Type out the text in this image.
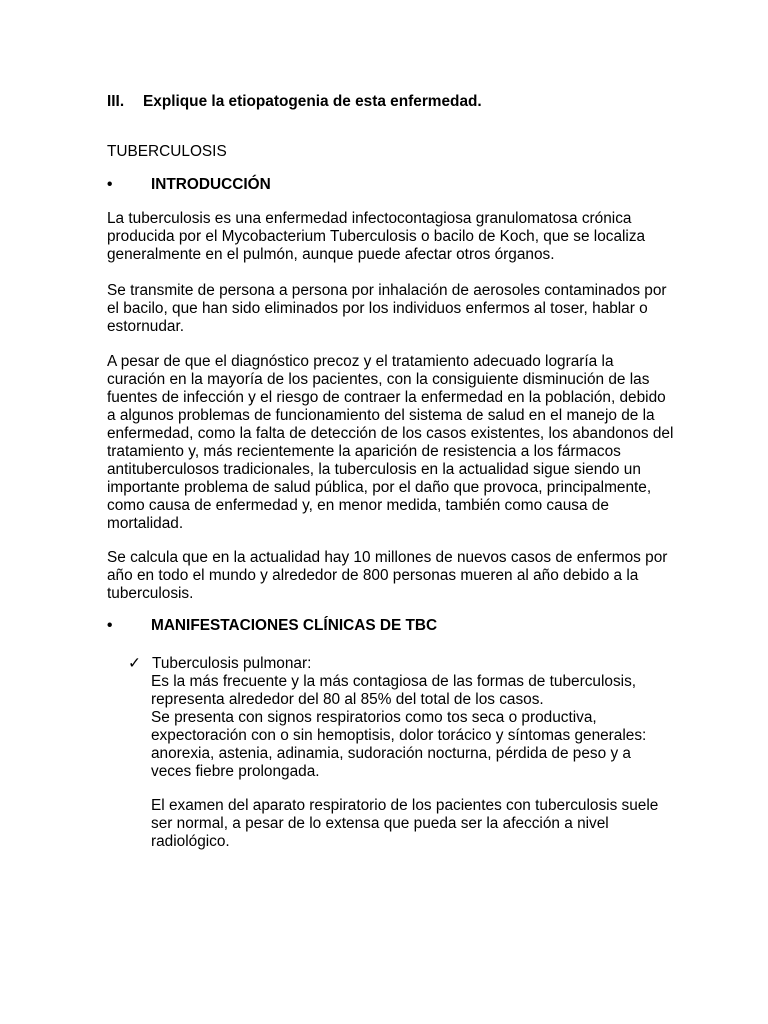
III. Explique la etiopatogenia de esta enfermedad.
TUBERCULOSIS
•	INTRODUCCIÓN
La tuberculosis es una enfermedad infectocontagiosa granulomatosa crónica
producida por el Mycobacterium Tuberculosis o bacilo de Koch, que se localiza
generalmente en el pulmón, aunque puede afectar otros órganos.
Se transmite de persona a persona por inhalación de aerosoles contaminados por
el bacilo, que han sido eliminados por los individuos enfermos al toser, hablar o
estornudar.
A pesar de que el diagnóstico precoz y el tratamiento adecuado lograría la
curación en la mayoría de los pacientes, con la consiguiente disminución de las
fuentes de infección y el riesgo de contraer la enfermedad en la población, debido
a algunos problemas de funcionamiento del sistema de salud en el manejo de la
enfermedad, como la falta de detección de los casos existentes, los abandonos del
tratamiento y, más recientemente la aparición de resistencia a los fármacos
antituberculosos tradicionales, la tuberculosis en la actualidad sigue siendo un
importante problema de salud pública, por el daño que provoca, principalmente,
como causa de enfermedad y, en menor medida, también como causa de
mortalidad.
Se calcula que en la actualidad hay 10 millones de nuevos casos de enfermos por
año en todo el mundo y alrededor de 800 personas mueren al año debido a la
tuberculosis.
•	MANIFESTACIONES CLÍNICAS DE TBC
✓ Tuberculosis pulmonar:
Es la más frecuente y la más contagiosa de las formas de tuberculosis,
representa alrededor del 80 al 85% del total de los casos.
Se presenta con signos respiratorios como tos seca o productiva,
expectoración con o sin hemoptisis, dolor torácico y síntomas generales:
anorexia, astenia, adinamia, sudoración nocturna, pérdida de peso y a
veces fiebre prolongada.
El examen del aparato respiratorio de los pacientes con tuberculosis suele
ser normal, a pesar de lo extensa que pueda ser la afección a nivel
radiológico.
